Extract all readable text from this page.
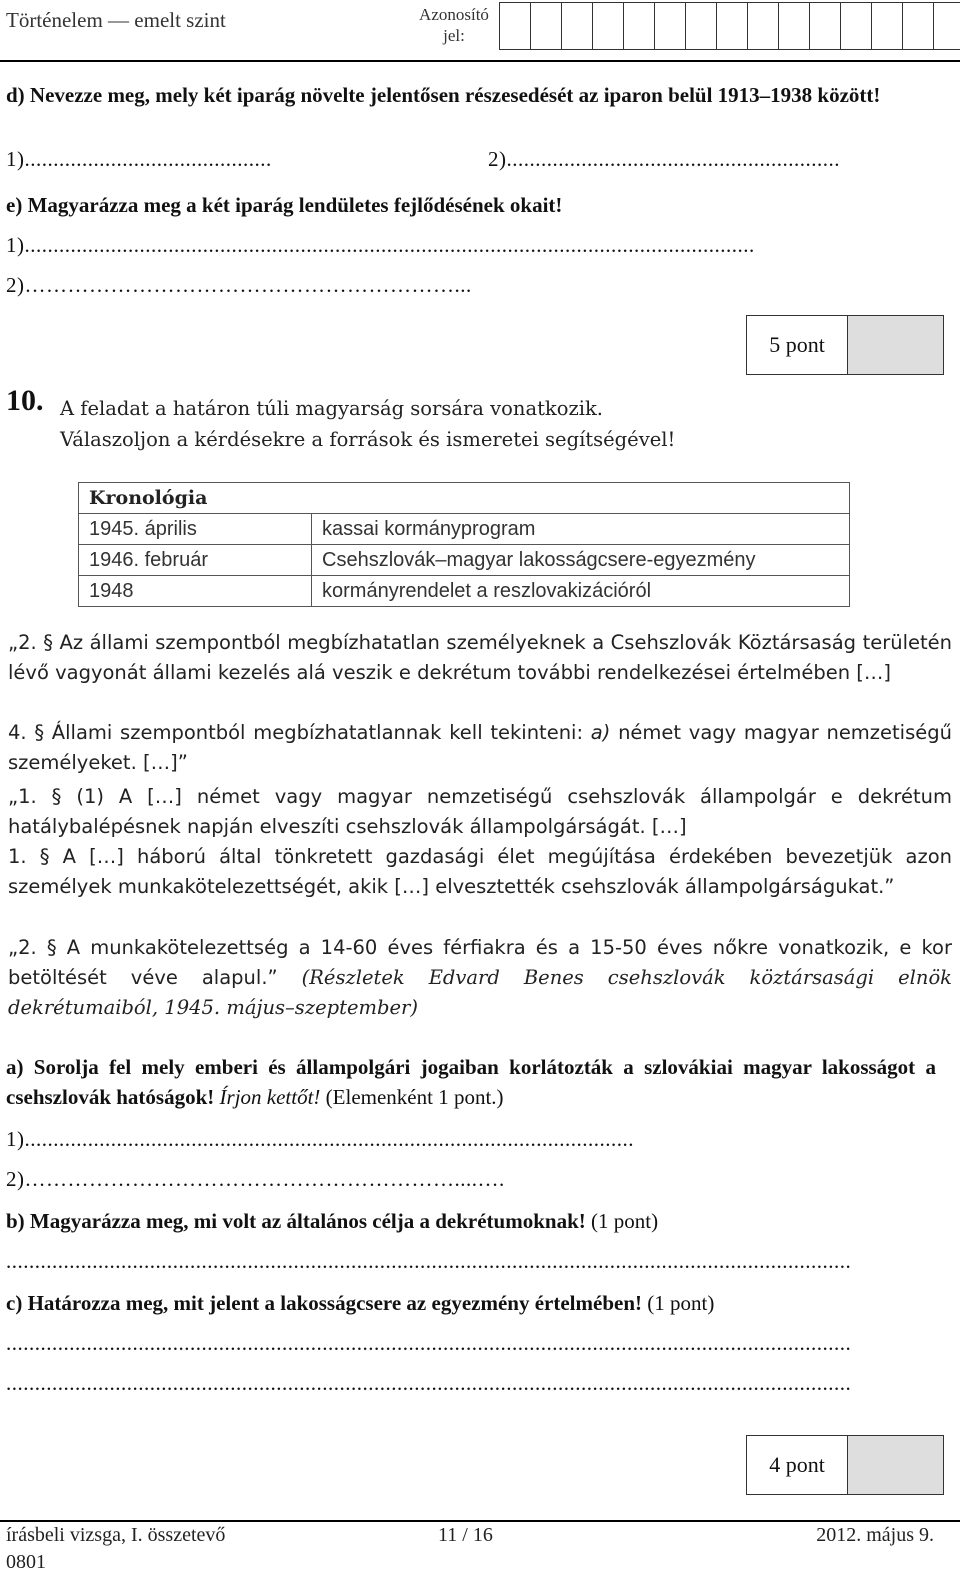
Történelem — emelt szint	Azonosító
jel:
d) Nevezze meg, mely két iparág növelte jelentősen részesedését az iparon belül 1913–1938 között!
1)...........................................	2)..........................................................
e) Magyarázza meg a két iparág lendületes fejlődésének okait!
1)...............................................................................................................................
2)……………………………………………………...
5 pont
10. A feladat a határon túli magyarság sorsára vonatkozik.
Válaszoljon a kérdésekre a források és ismeretei segítségével!
Kronológia	
1945. április	kassai kormányprogram
1946. február	Csehszlovák–magyar lakosságcsere-egyezmény
1948	kormányrendelet a reszlovakizációról
„2. § Az állami szempontból megbízhatatlan személyeknek a Csehszlovák Köztársaság területén lévő vagyonát állami kezelés alá veszik e dekrétum további rendelkezései értelmében […]
4. § Állami szempontból megbízhatatlannak kell tekinteni: a) német vagy magyar nemzetiségű személyeket. […]”
„1. § (1) A […] német vagy magyar nemzetiségű csehszlovák állampolgár e dekrétum hatálybalépésnek napján elveszíti csehszlovák állampolgárságát. […]
1. § A […] háború által tönkretett gazdasági élet megújítása érdekében bevezetjük azon személyek munkakötelezettségét, akik […] elvesztették csehszlovák állampolgárságukat.”
„2. § A munkakötelezettség a 14-60 éves férfiakra és a 15-50 éves nőkre vonatkozik, e kor betöltését véve alapul.” (Részletek Edvard Benes csehszlovák köztársasági elnök dekrétumaiból, 1945. május–szeptember)
a) Sorolja fel mely emberi és állampolgári jogaiban korlátozták a szlovákiai magyar lakosságot a csehszlovák hatóságok! Írjon kettőt! (Elemenként 1 pont.)
1)..........................................................................................................
2)……………………………………………………....….
b) Magyarázza meg, mi volt az általános célja a dekrétumoknak! (1 pont)
...................................................................................................................................................
c) Határozza meg, mit jelent a lakosságcsere az egyezmény értelmében! (1 pont)
...................................................................................................................................................
...................................................................................................................................................
4 pont
írásbeli vizsga, I. összetevő
0801
11 / 16	2012. május 9.
